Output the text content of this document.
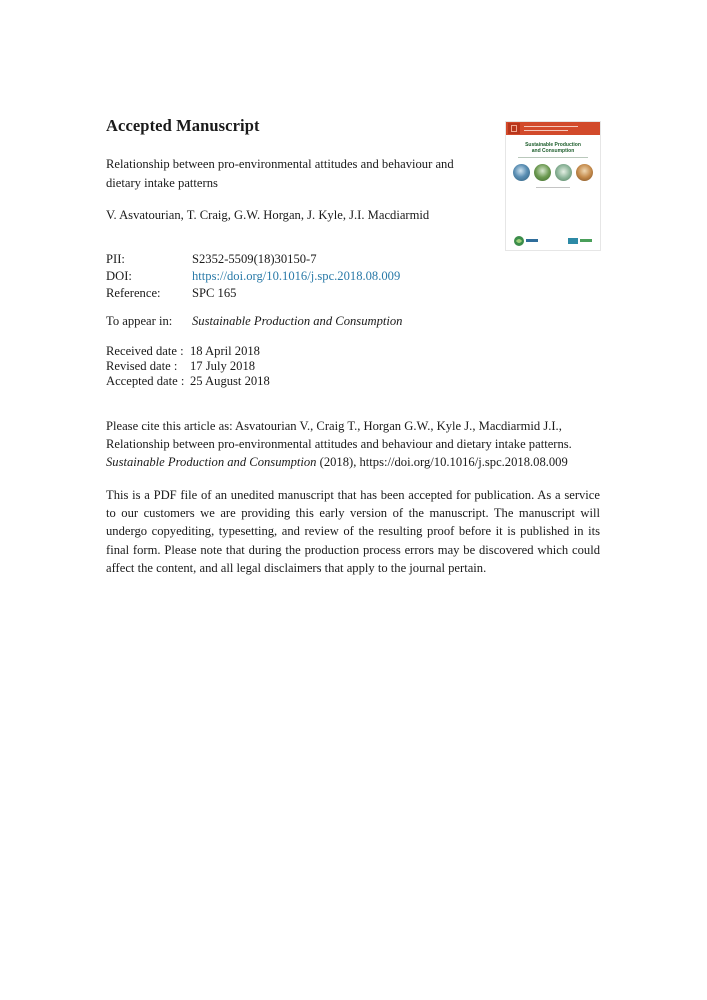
Accepted Manuscript
Relationship between pro-environmental attitudes and behaviour and dietary intake patterns
V. Asvatourian, T. Craig, G.W. Horgan, J. Kyle, J.I. Macdiarmid
PII:	S2352-5509(18)30150-7
DOI:	https://doi.org/10.1016/j.spc.2018.08.009
Reference:	SPC 165
To appear in:	Sustainable Production and Consumption
Received date : 18 April 2018
Revised date :	17 July 2018
Accepted date : 25 August 2018

Please cite this article as: Asvatourian V., Craig T., Horgan G.W., Kyle J., Macdiarmid J.I.,

Relationship between pro-environmental attitudes and behaviour and dietary intake patterns.

Sustainable Production and Consumption (2018), https://doi.org/10.1016/j.spc.2018.08.009

This is a PDF file of an unedited manuscript that has been accepted for publication. As a service to our customers we are providing this early version of the manuscript. The manuscript will undergo copyediting, typesetting, and review of the resulting proof before it is published in its final form. Please note that during the production process errors may be discovered which could affect the content, and all legal disclaimers that apply to the journal pertain.
Sustainable Production
and Consumption
